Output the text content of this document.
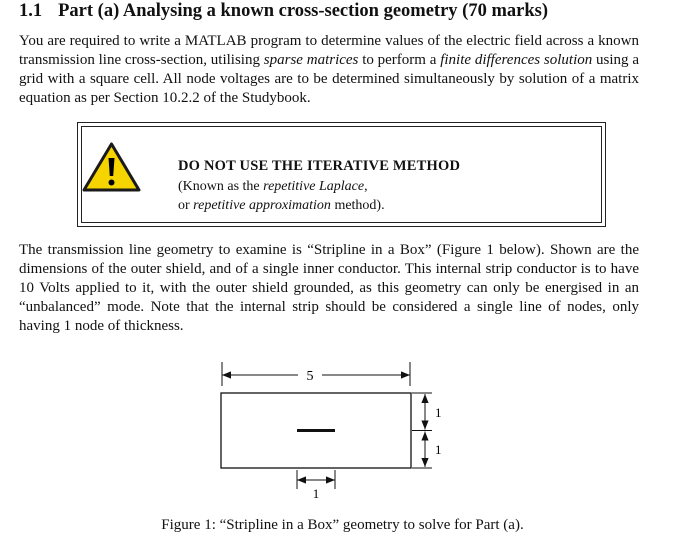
1.1 Part (a) Analysing a known cross-section geometry (70 marks)
You are required to write a MATLAB program to determine values of the electric field across a known transmission line cross-section, utilising sparse matrices to perform a finite differences solution using a grid with a square cell. All node voltages are to be determined simultaneously by solution of a matrix equation as per Section 10.2.2 of the Studybook.
DO NOT USE THE ITERATIVE METHOD
(Known as the repetitive Laplace,
or repetitive approximation method).
The transmission line geometry to examine is “Stripline in a Box” (Figure 1 below). Shown are the dimensions of the outer shield, and of a single inner conductor. This internal strip conductor is to have 10 Volts applied to it, with the outer shield grounded, as this geometry can only be energised in an “unbalanced” mode. Note that the internal strip should be considered a single line of nodes, only having 1 node of thickness.
5
1
1
1
Figure 1: “Stripline in a Box” geometry to solve for Part (a).
